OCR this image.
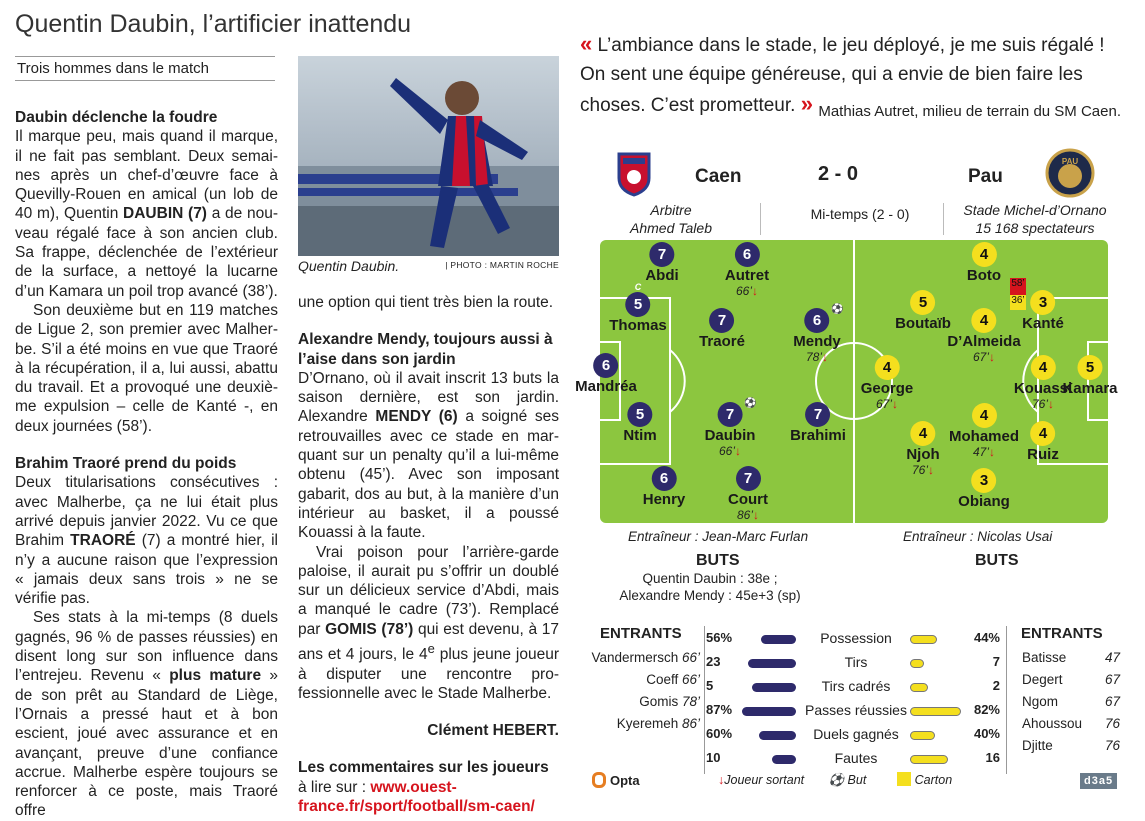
Quentin Daubin, l’artificier inattendu
Trois hommes dans le match
Daubin déclenche la foudre

Il marque peu, mais quand il marque, il ne fait pas semblant. Deux semaines après un chef-d’œuvre face à Quevilly-Rouen en amical (un lob de 40 m), Quentin DAUBIN (7) a de nouveau régalé face à son ancien club. Sa frappe, déclenchée de l’extérieur de la surface, a nettoyé la lucarne d’un Kamara un poil trop avancé (38’).

Son deuxième but en 119 matches de Ligue 2, son premier avec Malherbe. S’il a été moins en vue que Traoré à la récupération, il a, lui aussi, abattu du travail. Et a provoqué une deuxième expulsion – celle de Kanté -, en deux journées (58’).

Brahim Traoré prend du poids

Deux titularisations consécutives : avec Malherbe, ça ne lui était plus arrivé depuis janvier 2022. Vu ce que Brahim TRAORÉ (7) a montré hier, il n’y a aucune raison que l’expression « jamais deux sans trois » ne se vérifie pas.

Ses stats à la mi-temps (8 duels gagnés, 96 % de passes réussies) en disent long sur son influence dans l’entrejeu. Revenu « plus mature » de son prêt au Standard de Liège, l’Ornais a pressé haut et à bon escient, joué avec assurance et en avançant, preuve d’une confiance accrue. Malherbe espère toujours se renforcer à ce poste, mais Traoré offre

Quentin Daubin.	| PHOTO : MARTIN ROCHE

une option qui tient très bien la route.

Alexandre Mendy, toujours aussi à l’aise dans son jardin

D’Ornano, où il avait inscrit 13 buts la saison dernière, est son jardin. Alexandre MENDY (6) a soigné ses retrouvailles avec ce stade en marquant sur un penalty qu’il a lui-même obtenu (45’). Avec son imposant gabarit, dos au but, à la manière d’un intérieur au basket, il a poussé Kouassi à la faute.

Vrai poison pour l’arrière-garde paloise, il aurait pu s’offrir un doublé sur un délicieux service d’Abdi, mais a manqué le cadre (73’). Remplacé par GOMIS (78’) qui est devenu, à 17 ans et 4 jours, le 4e plus jeune joueur à disputer une rencontre professionnelle avec le Stade Malherbe.

Clément HEBERT.

Les commentaires sur les joueurs à lire sur : www.ouest-france.fr/sport/football/sm-caen/

« L’ambiance dans le stade, le jeu déployé, je me suis régalé ! On sent une équipe généreuse, qui a envie de bien faire les choses. C’est prometteur. » Mathias Autret, milieu de terrain du SM Caen.
Caen	2 - 0	Pau
PAU
Arbitre
Ahmed Taleb
Mi-temps (2 - 0)	Stade Michel-d’Ornano
15 168 spectateurs
7
Abdi
6
Autret
66’↓
5
C
Thomas	7
Traoré
6
⚽
Mendy
78’↓
6
Mandréa
5
Ntim
7
⚽
Daubin
66’↓
7
Brahimi
6
Henry
7
Court
86’↓
4
Boto
5
Boutaïb	4
D’Almeida
67’↓
3
Kanté
4
George
67’↓
4
Kouassi
76’↓
5
Kamara
4
Njoh
76’↓
4
Mohamed
47’↓
4
Ruiz
3
Obiang
58’
36’
Entraîneur : Jean-Marc Furlan	Entraîneur : Nicolas Usai
BUTS	BUTS
Quentin Daubin : 38e ;
Alexandre Mendy : 45e+3 (sp)
56%	Possession	44%
23	Tirs	7
5	Tirs cadrés	2
87%	Passes réussies	82%
60%	Duels gagnés	40%
10	Fautes	16
ENTRANTS	ENTRANTS
Vandermersch 66’
Coeff 66’
Gomis 78’
Kyeremeh 86’
Batisse	47
Degert	67
Ngom	67
Ahoussou 76
Djitte	76
Opta	↓Joueur sortant ⚽ But	Carton	d3a5
